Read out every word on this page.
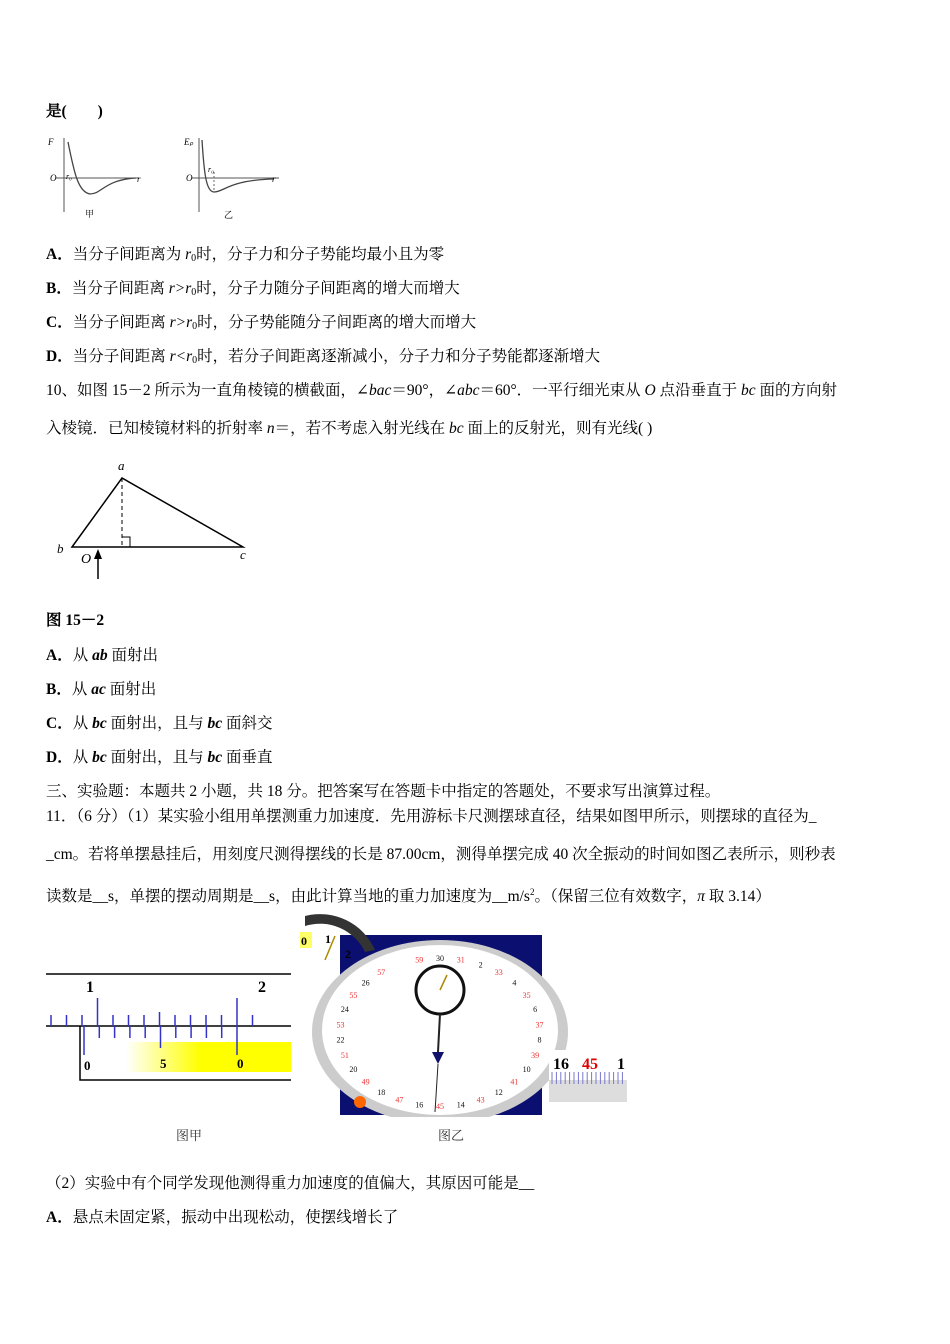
是(　　)
F
O r₀	r
甲
Eₚ
O
r₀
r
乙
A．当分子间距离为 $r_0$时，分子力和分子势能均最小且为零
B．当分子间距离 $r>r_0$时，分子力随分子间距离的增大而增大
C．当分子间距离 $r>r_0$时，分子势能随分子间距离的增大而增大
D．当分子间距离 $r<r_0$时，若分子间距离逐渐减小，分子力和分子势能都逐渐增大
10、如图 15－2 所示为一直角棱镜的横截面，∠bac＝90°，∠abc＝60°．一平行细光束从 O 点沿垂直于 bc 面的方向射
入棱镜．已知棱镜材料的折射率 n＝，若不考虑入射光线在 bc 面上的反射光，则有光线( )
a
b	c
O
图 15－2
A．从 ab 面射出
B．从 ac 面射出
C．从 bc 面射出，且与 bc 面斜交
D．从 bc 面射出，且与 bc 面垂直
三、实验题：本题共 2 小题，共 18 分。把答案写在答题卡中指定的答题处，不要求写出演算过程。
11．（6 分）（1）某实验小组用单摆测重力加速度．先用游标卡尺测摆球直径，结果如图甲所示，则摆球的直径为_
_cm。若将单摆悬挂后，用刻度尺测得摆线的长是 87.00cm，测得单摆完成 40 次全振动的时间如图乙表所示，则秒表
读数是__s，单摆的摆动周期是__s，由此计算当地的重力加速度为$\_\_m/s^2$。（保留三位有效数字，π 取 3.14）
1	2
0	5	0
图甲
31
2
33
4
35
6
37
8
39
10
41
12
43
14
45
16
47
18
49
20
51
22
53
24
55
26
57
59 30
0 1
2
16 45 1
图乙
（2）实验中有个同学发现他测得重力加速度的值偏大，其原因可能是__
A．悬点未固定紧，振动中出现松动，使摆线增长了
